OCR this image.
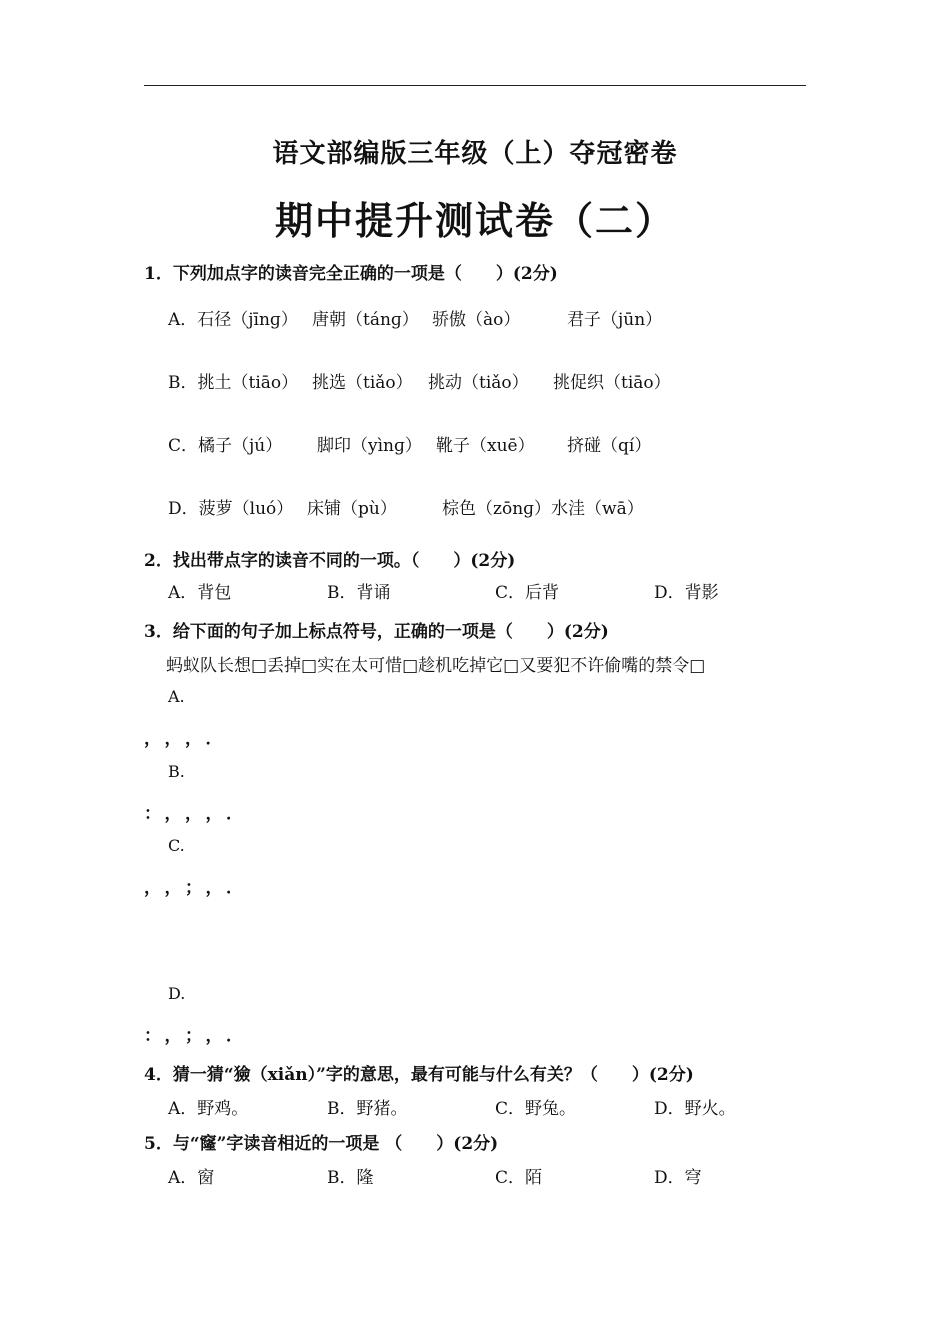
语文部编版三年级（上）夺冠密卷
期中提升测试卷（二）
1．下列加点字的读音完全正确的一项是（　　）(2分)
A．石径（jīnɡ） 唐朝（tánɡ） 骄傲（ào）	君子（jūn）
B．挑土（tiāo） 挑选（tiǎo） 挑动（tiǎo） 挑促织（tiāo）
C．橘子（jú） 脚印（yìnɡ） 靴子（xuē） 挤碰（qí）
D．菠萝（luó） 床铺（pù）	棕色（zōnɡ）水洼（wā）
2．找出带点字的读音不同的一项。（　　）(2分)
A．背包	B．背诵	C．后背	D．背影
3．给下面的句子加上标点符号，正确的一项是（　　）(2分)
蚂蚁队长想□丢掉□实在太可惜□趁机吃掉它□又要犯不许偷嘴的禁令□
A.
，，，．
B.
：，，，．
C.
，，；，．
D.
：，；，．
4．猜一猜“獫（xiǎn）”字的意思，最有可能与什么有关？（　　）(2分)
A．野鸡。	B．野猪。	C．野兔。	D．野火。
5．与“窿”字读音相近的一项是 （　　）(2分)
A．窗	B．隆	C．陌	D．穹
